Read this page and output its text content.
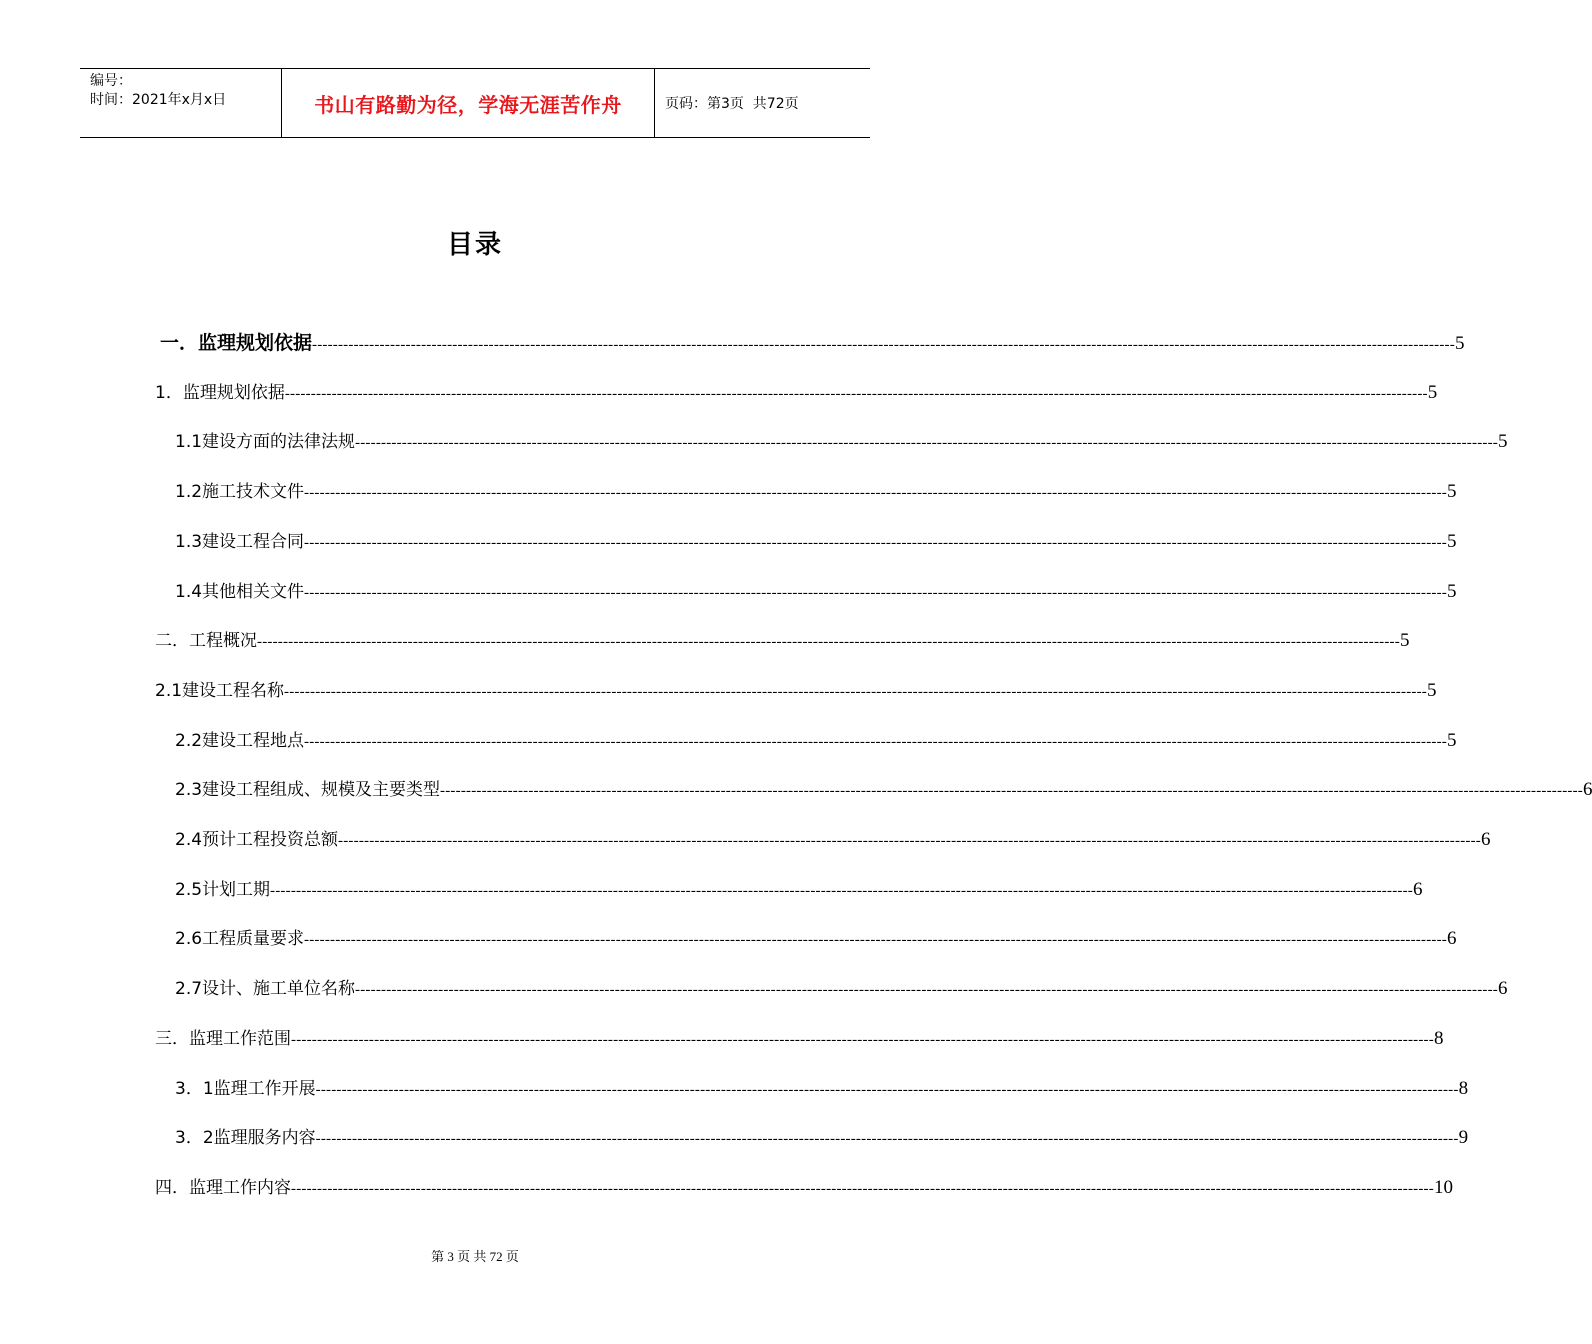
编号：
时间：2021年x月x日	书山有路勤为径，学海无涯苦作舟	页码：第3页  共72页
目录
一．监理规划依据 ---------------------------------------------------------------------------------------------------------------------------------------------------------------------------------------------------------------------------- 5
1．监理规划依据 ---------------------------------------------------------------------------------------------------------------------------------------------------------------------------------------------------------------------------- 5
1.1建设方面的法律法规 ---------------------------------------------------------------------------------------------------------------------------------------------------------------------------------------------------------------------------- 5
1.2施工技术文件 ---------------------------------------------------------------------------------------------------------------------------------------------------------------------------------------------------------------------------- 5
1.3建设工程合同 ---------------------------------------------------------------------------------------------------------------------------------------------------------------------------------------------------------------------------- 5
1.4其他相关文件 ---------------------------------------------------------------------------------------------------------------------------------------------------------------------------------------------------------------------------- 5
二．工程概况 ---------------------------------------------------------------------------------------------------------------------------------------------------------------------------------------------------------------------------- 5
2.1建设工程名称 ---------------------------------------------------------------------------------------------------------------------------------------------------------------------------------------------------------------------------- 5
2.2建设工程地点 ---------------------------------------------------------------------------------------------------------------------------------------------------------------------------------------------------------------------------- 5
2.3建设工程组成、规模及主要类型 ---------------------------------------------------------------------------------------------------------------------------------------------------------------------------------------------------------------------------- 6
2.4预计工程投资总额 ---------------------------------------------------------------------------------------------------------------------------------------------------------------------------------------------------------------------------- 6
2.5计划工期 ---------------------------------------------------------------------------------------------------------------------------------------------------------------------------------------------------------------------------- 6
2.6工程质量要求 ---------------------------------------------------------------------------------------------------------------------------------------------------------------------------------------------------------------------------- 6
2.7设计、施工单位名称 ---------------------------------------------------------------------------------------------------------------------------------------------------------------------------------------------------------------------------- 6
三．监理工作范围 ---------------------------------------------------------------------------------------------------------------------------------------------------------------------------------------------------------------------------- 8
3．1监理工作开展 ---------------------------------------------------------------------------------------------------------------------------------------------------------------------------------------------------------------------------- 8
3．2监理服务内容 ---------------------------------------------------------------------------------------------------------------------------------------------------------------------------------------------------------------------------- 9
四．监理工作内容 ---------------------------------------------------------------------------------------------------------------------------------------------------------------------------------------------------------------------------- 10
第 3 页 共 72 页
